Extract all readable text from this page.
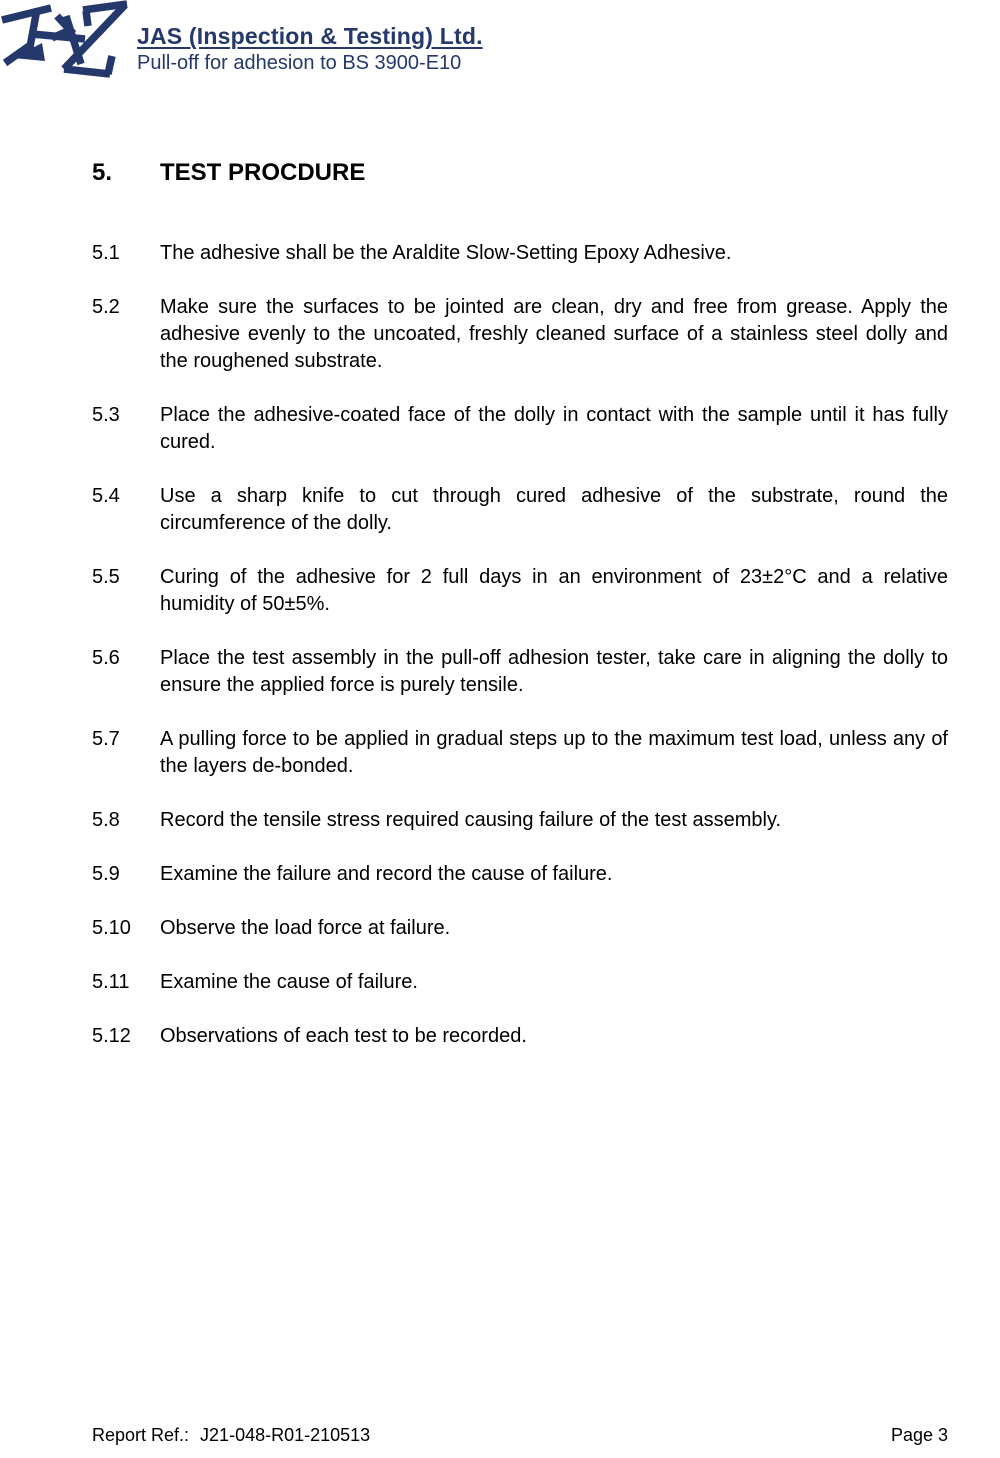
JAS (Inspection & Testing) Ltd.
Pull-off for adhesion to BS 3900-E10
5.	TEST PROCDURE
5.1	The adhesive shall be the Araldite Slow-Setting Epoxy Adhesive.

5.2	Make sure the surfaces to be jointed are clean, dry and free from grease. Apply the adhesive evenly to the uncoated, freshly cleaned surface of a stainless steel dolly and the roughened substrate.

5.3	Place the adhesive-coated face of the dolly in contact with the sample until it has fully cured.

5.4	Use a sharp knife to cut through cured adhesive of the substrate, round the circumference of the dolly.

5.5	Curing of the adhesive for 2 full days in an environment of 23±2°C and a relative humidity of 50±5%.

5.6	Place the test assembly in the pull-off adhesion tester, take care in aligning the dolly to ensure the applied force is purely tensile.

5.7	A pulling force to be applied in gradual steps up to the maximum test load, unless any of the layers de-bonded.

5.8	Record the tensile stress required causing failure of the test assembly.

5.9	Examine the failure and record the cause of failure.

5.10	Observe the load force at failure.

5.11	Examine the cause of failure.

5.12	Observations of each test to be recorded.

Report Ref.: J21-048-R01-210513	Page 3
